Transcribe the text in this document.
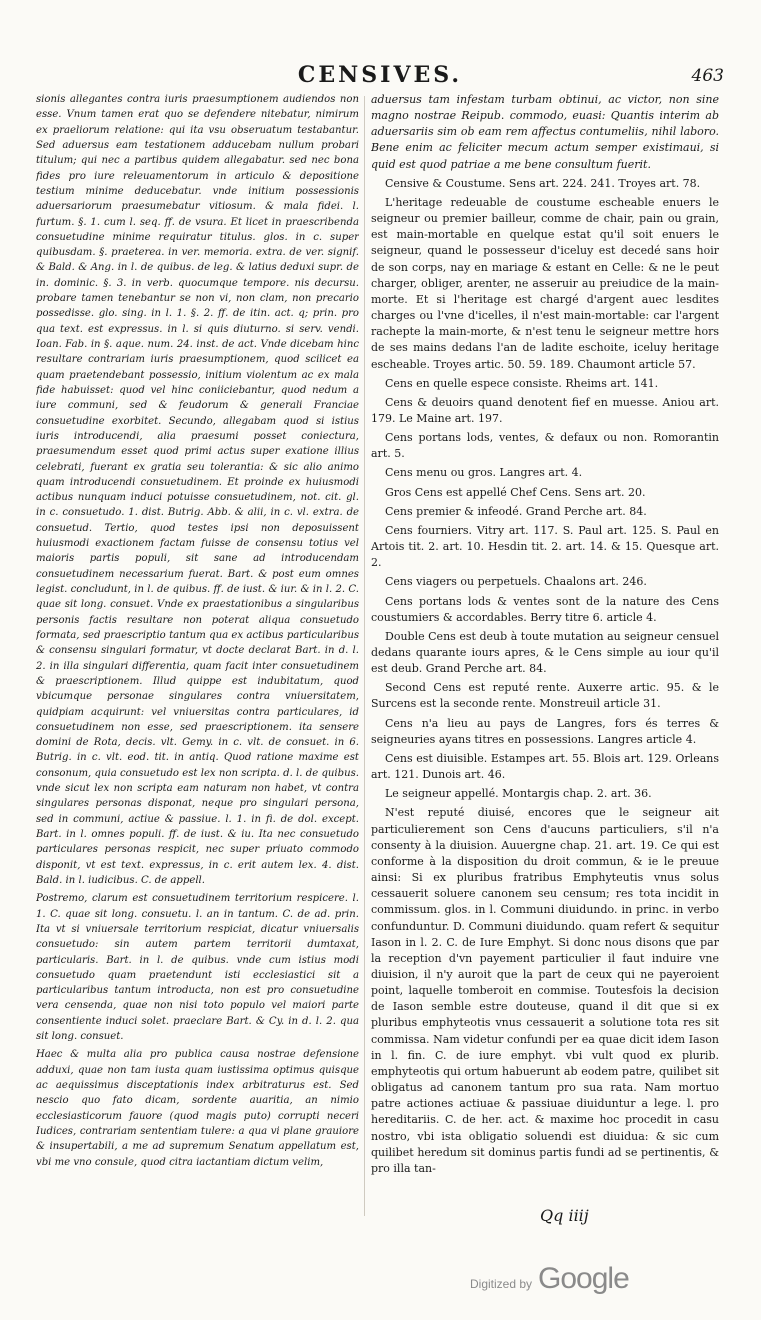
CENSIVES.	463

sionis allegantes contra iuris praesumptionem audiendos non esse. Vnum tamen erat quo se defendere nitebatur, nimirum ex praeliorum relatione: qui ita vsu obseruatum testabantur. Sed aduersus eam testationem adducebam nullum probari titulum; qui nec a partibus quidem allegabatur. sed nec bona fides pro iure releuamentorum in articulo & depositione testium minime deducebatur. vnde initium possessionis aduersariorum praesumebatur vitiosum. & mala fidei. l. furtum. §. 1. cum l. seq. ff. de vsura. Et licet in praescribenda consuetudine minime requiratur titulus. glos. in c. super quibusdam. §. praeterea. in ver. memoria. extra. de ver. signif. & Bald. & Ang. in l. de quibus. de leg. & latius deduxi supr. de in. dominic. §. 3. in verb. quocumque tempore. nis decursu. probare tamen tenebantur se non vi, non clam, non precario possedisse. glo. sing. in l. 1. §. 2. ff. de itin. act. q; prin. pro qua text. est expressus. in l. si quis diuturno. si serv. vendi. Ioan. Fab. in §. aque. num. 24. inst. de act. Vnde dicebam hinc resultare contrariam iuris praesumptionem, quod scilicet ea quam praetendebant possessio, initium violentum ac ex mala fide habuisset: quod vel hinc coniiciebantur, quod nedum a iure communi, sed & feudorum & generali Franciae consuetudine exorbitet. Secundo, allegabam quod si istius iuris introducendi, alia praesumi posset coniectura, praesumendum esset quod primi actus super exatione illius celebrati, fuerant ex gratia seu tolerantia: & sic alio animo quam introducendi consuetudinem. Et proinde ex huiusmodi actibus nunquam induci potuisse consuetudinem, not. cit. gl. in c. consuetudo. 1. dist. Butrig. Abb. & alii, in c. vl. extra. de consuetud. Tertio, quod testes ipsi non deposuissent huiusmodi exactionem factam fuisse de consensu totius vel maioris partis populi, sit sane ad introducendam consuetudinem necessarium fuerat. Bart. & post eum omnes legist. concludunt, in l. de quibus. ff. de iust. & iur. & in l. 2. C. quae sit long. consuet. Vnde ex praestationibus a singularibus personis factis resultare non poterat aliqua consuetudo formata, sed praescriptio tantum qua ex actibus particularibus & consensu singulari formatur, vt docte declarat Bart. in d. l. 2. in illa singulari differentia, quam facit inter consuetudinem & praescriptionem. Illud quippe est indubitatum, quod vbicumque personae singulares contra vniuersitatem, quidpiam acquirunt: vel vniuersitas contra particulares, id consuetudinem non esse, sed praescriptionem. ita sensere domini de Rota, decis. vlt. Gemy. in c. vlt. de consuet. in 6. Butrig. in c. vlt. eod. tit. in antiq. Quod ratione maxime est consonum, quia consuetudo est lex non scripta. d. l. de quibus. vnde sicut lex non scripta eam naturam non habet, vt contra singulares personas disponat, neque pro singulari persona, sed in communi, actiue & passiue. l. 1. in fi. de dol. except. Bart. in l. omnes populi. ff. de iust. & iu. Ita nec consuetudo particulares personas respicit, nec super priuato commodo disponit, vt est text. expressus, in c. erit autem lex. 4. dist. Bald. in l. iudicibus. C. de appell.

Postremo, clarum est consuetudinem territorium respicere. l. 1. C. quae sit long. consuetu. l. an in tantum. C. de ad. prin. Ita vt si vniuersale territorium respiciat, dicatur vniuersalis consuetudo: sin autem partem territorii dumtaxat, particularis. Bart. in l. de quibus. vnde cum istius modi consuetudo quam praetendunt isti ecclesiastici sit a particularibus tantum introducta, non est pro consuetudine vera censenda, quae non nisi toto populo vel maiori parte consentiente induci solet. praeclare Bart. & Cy. in d. l. 2. qua sit long. consuet.

Haec & multa alia pro publica causa nostrae defensione adduxi, quae non tam iusta quam iustissima optimus quisque ac aequissimus disceptationis index arbitraturus est. Sed nescio quo fato dicam, sordente auaritia, an nimio ecclesiasticorum fauore (quod magis puto) corrupti neceri Iudices, contrariam sententiam tulere: a qua vi plane grauiore & insupertabili, a me ad supremum Senatum appellatum est, vbi me vno consule, quod citra iactantiam dictum velim,

aduersus tam infestam turbam obtinui, ac victor, non sine magno nostrae Reipub. commodo, euasi: Quantis interim ab aduersariis sim ob eam rem affectus contumeliis, nihil laboro. Bene enim ac feliciter mecum actum semper existimaui, si quid est quod patriae a me bene consultum fuerit.

Censive & Coustume. Sens art. 224. 241. Troyes art. 78.

L'heritage redeuable de coustume escheable enuers le seigneur ou premier bailleur, comme de chair, pain ou grain, est main-mortable en quelque estat qu'il soit enuers le seigneur, quand le possesseur d'iceluy est decedé sans hoir de son corps, nay en mariage & estant en Celle: & ne le peut charger, obliger, arenter, ne asseruir au preiudice de la main-morte. Et si l'heritage est chargé d'argent auec lesdites charges ou l'vne d'icelles, il n'est main-mortable: car l'argent racheptе la main-morte, & n'est tenu le seigneur mettre hors de ses mains dedans l'an de ladite eschoite, iceluy heritage escheable. Troyes artic. 50. 59. 189. Chaumont article 57.

Cens en quelle espece consiste. Rheims art. 141.

Cens & deuoirs quand denotent fief en muesse. Aniou art. 179. Le Maine art. 197.

Cens portans lods, ventes, & defaux ou non. Romorantin art. 5.

Cens menu ou gros. Langres art. 4.

Gros Cens est appellé Chef Cens. Sens art. 20.

Cens premier & infeodé. Grand Perche art. 84.

Cens fourniers. Vitry art. 117. S. Paul art. 125. S. Paul en Artois tit. 2. art. 10. Hesdin tit. 2. art. 14. & 15. Quesque art. 2.

Cens viagers ou perpetuels. Chaalons art. 246.

Cens portans lods & ventes sont de la nature des Cens coustumiers & accordables. Berry titre 6. article 4.

Double Cens est deub à toute mutation au seigneur censuel dedans quarante iours apres, & le Cens simple au iour qu'il est deub. Grand Perche art. 84.

Second Cens est reputé rente. Auxerre artic. 95. & le Surcens est la seconde rente. Monstreuil article 31.

Cens n'a lieu au pays de Langres, fors és terres & seigneuries ayans titres en possessions. Langres article 4.

Cens est diuisible. Estampes art. 55. Blois art. 129. Orleans art. 121. Dunois art. 46.

Le seigneur appellé. Montargis chap. 2. art. 36.

N'est reputé diuisé, encores que le seigneur ait particulierement son Cens d'aucuns particuliers, s'il n'a consenty à la diuision. Auuergne chap. 21. art. 19. Ce qui est conforme à la disposition du droit commun, & ie le preuue ainsi: Si ex pluribus fratribus Emphyteutis vnus solus cessauerit soluere canonem seu censum; res tota incidit in commissum. glos. in l. Communi diuidundo. in princ. in verbo confunduntur. D. Communi diuidundo. quam refert & sequitur Iason in l. 2. C. de Iure Emphyt. Si donc nous disons que par la reception d'vn payement particulier il faut induire vne diuision, il n'y auroit que la part de ceux qui ne payeroient point, laquelle tomberoit en commise. Toutesfois la decision de Iason semble estre douteuse, quand il dit que si ex pluribus emphyteotis vnus cessauerit a solutione tota res sit commissa. Nam videtur confundi per ea quae dicit idem Iason in l. fin. C. de iure emphyt. vbi vult quod ex plurib. emphyteotis qui ortum habuerunt ab eodem patre, quilibet sit obligatus ad canonem tantum pro sua rata. Nam mortuo patre actiones actiuae & passiuae diuiduntur a lege. l. pro hereditariis. C. de her. act. & maxime hoc procedit in casu nostro, vbi ista obligatio soluendi est diuidua: & sic cum quilibet heredum sit dominus partis fundi ad se pertinentis, & pro illa tan-

Qq iiij
Digitized by Google
